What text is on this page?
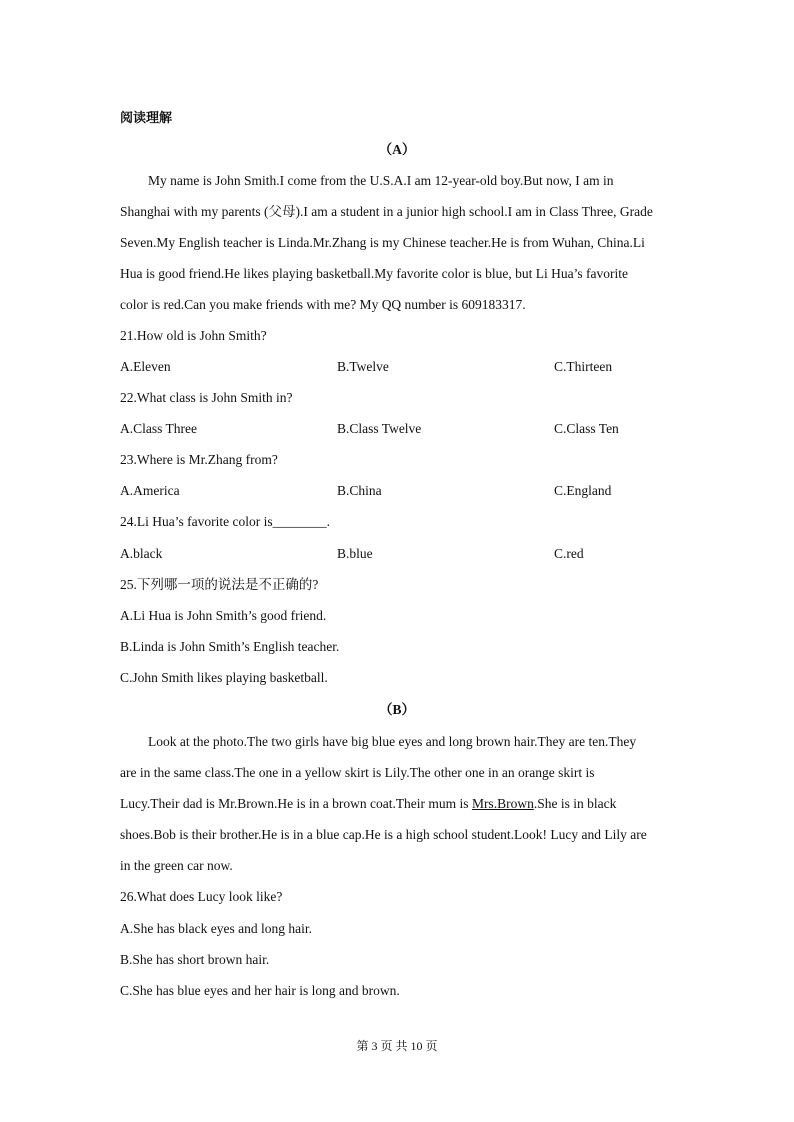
阅读理解
（A）
My name is John Smith.I come from the U.S.A.I am 12-year-old boy.But now, I am in
Shanghai with my parents (父母).I am a student in a junior high school.I am in Class Three, Grade
Seven.My English teacher is Linda.Mr.Zhang is my Chinese teacher.He is from Wuhan, China.Li
Hua is good friend.He likes playing basketball.My favorite color is blue, but Li Hua’s favorite
color is red.Can you make friends with me? My QQ number is 609183317.
21.How old is John Smith?
A.Eleven	B.Twelve	C.Thirteen
22.What class is John Smith in?
A.Class Three	B.Class Twelve	C.Class Ten
23.Where is Mr.Zhang from?
A.America	B.China	C.England
24.Li Hua’s favorite color is________.
A.black	B.blue	C.red
25.下列哪一项的说法是不正确的?
A.Li Hua is John Smith’s good friend.
B.Linda is John Smith’s English teacher.
C.John Smith likes playing basketball.
（B）
Look at the photo.The two girls have big blue eyes and long brown hair.They are ten.They
are in the same class.The one in a yellow skirt is Lily.The other one in an orange skirt is
Lucy.Their dad is Mr.Brown.He is in a brown coat.Their mum is Mrs.Brown.She is in black
shoes.Bob is their brother.He is in a blue cap.He is a high school student.Look! Lucy and Lily are
in the green car now.
26.What does Lucy look like?
A.She has black eyes and long hair.
B.She has short brown hair.
C.She has blue eyes and her hair is long and brown.
第 3 页 共 10 页
